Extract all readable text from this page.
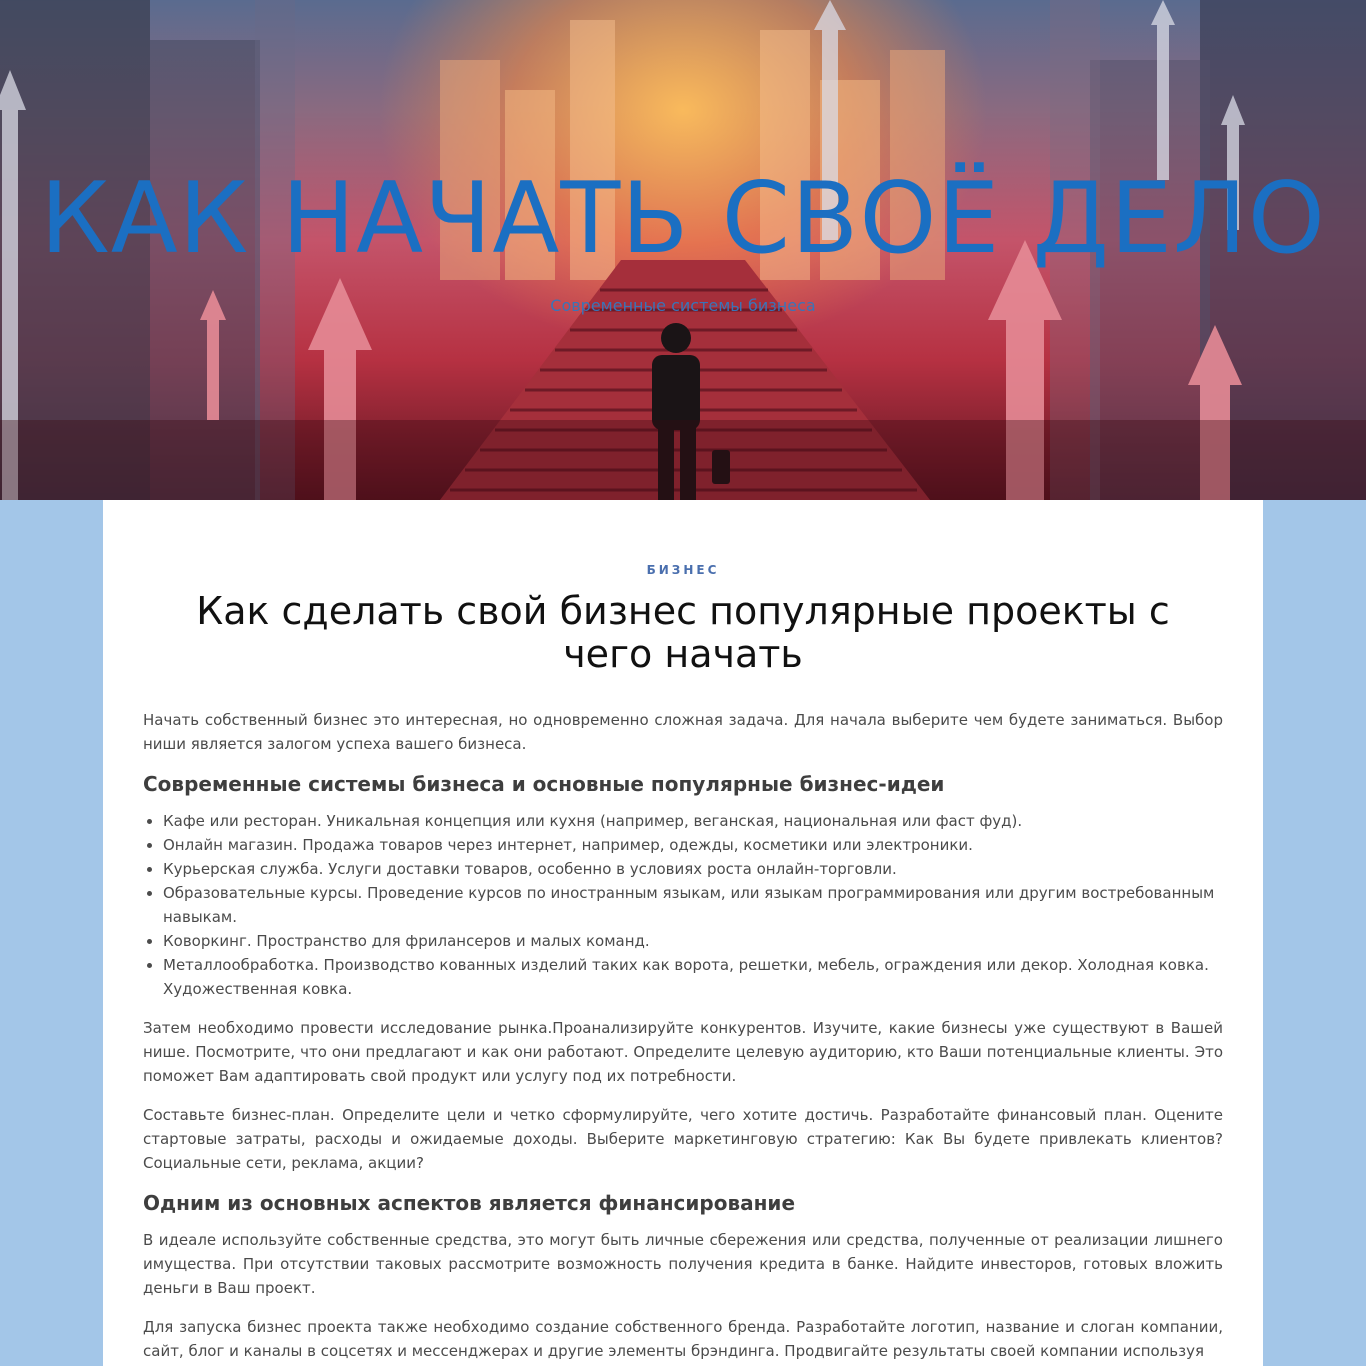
КАК НАЧАТЬ СВОЁ ДЕЛО

Современные системы бизнеса

БИЗНЕС
Как сделать свой бизнес популярные проекты с чего начать

Начать собственный бизнес это интересная, но одновременно сложная задача. Для начала выберите чем будете заниматься. Выбор ниши является залогом успеха вашего бизнеса.

Современные системы бизнеса и основные популярные бизнес-идеи
• Кафе или ресторан. Уникальная концепция или кухня (например, веганская, национальная или фаст фуд).
• Онлайн магазин. Продажа товаров через интернет, например, одежды, косметики или электроники.
• Курьерская служба. Услуги доставки товаров, особенно в условиях роста онлайн-торговли.
• Образовательные курсы. Проведение курсов по иностранным языкам, или языкам программирования или другим востребованным навыкам.
• Коворкинг. Пространство для фрилансеров и малых команд.
• Металлообработка. Производство кованных изделий таких как ворота, решетки, мебель, ограждения или декор. Холодная ковка. Художественная ковка.

Затем необходимо провести исследование рынка.Проанализируйте конкурентов. Изучите, какие бизнесы уже существуют в Вашей нише. Посмотрите, что они предлагают и как они работают. Определите целевую аудиторию, кто Ваши потенциальные клиенты. Это поможет Вам адаптировать свой продукт или услугу под их потребности.

Составьте бизнес-план. Определите цели и четко сформулируйте, чего хотите достичь. Разработайте финансовый план. Оцените стартовые затраты, расходы и ожидаемые доходы. Выберите маркетинговую стратегию: Как Вы будете привлекать клиентов? Социальные сети, реклама, акции?

Одним из основных аспектов является финансирование

В идеале используйте собственные средства, это могут быть личные сбережения или средства, полученные от реализации лишнего имущества. При отсутствии таковых рассмотрите возможность получения кредита в банке. Найдите инвесторов, готовых вложить деньги в Ваш проект.

Для запуска бизнес проекта также необходимо создание собственного бренда. Разработайте логотип, название и слоган компании, сайт, блог и каналы в соцсетях и мессенджерах и другие элементы брэндинга. Продвигайте результаты своей компании используя
